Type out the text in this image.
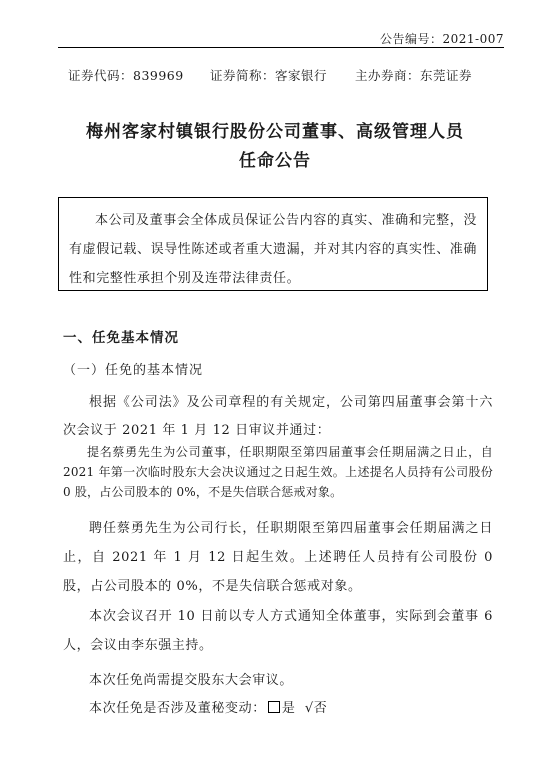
公告编号：2021-007
证券代码：839969 证券简称：客家银行 主办券商：东莞证券
梅州客家村镇银行股份公司董事、高级管理人员
任命公告

本公司及董事会全体成员保证公告内容的真实、准确和完整，没有虚假记载、误导性陈述或者重大遗漏，并对其内容的真实性、准确性和完整性承担个别及连带法律责任。

一、任免基本情况
（一）任免的基本情况

根据《公司法》及公司章程的有关规定，公司第四届董事会第十六次会议于 2021 年 1 月 12 日审议并通过：

提名蔡勇先生为公司董事，任职期限至第四届董事会任期届满之日止，自 2021 年第一次临时股东大会决议通过之日起生效。上述提名人员持有公司股份 0 股，占公司股本的 0%，不是失信联合惩戒对象。

聘任蔡勇先生为公司行长，任职期限至第四届董事会任期届满之日止，自 2021 年 1 月 12 日起生效。上述聘任人员持有公司股份 0 股，占公司股本的 0%，不是失信联合惩戒对象。

本次会议召开 10 日前以专人方式通知全体董事，实际到会董事 6 人，会议由李东强主持。

本次任免尚需提交股东大会审议。

本次任免是否涉及董秘变动： 是 √否
